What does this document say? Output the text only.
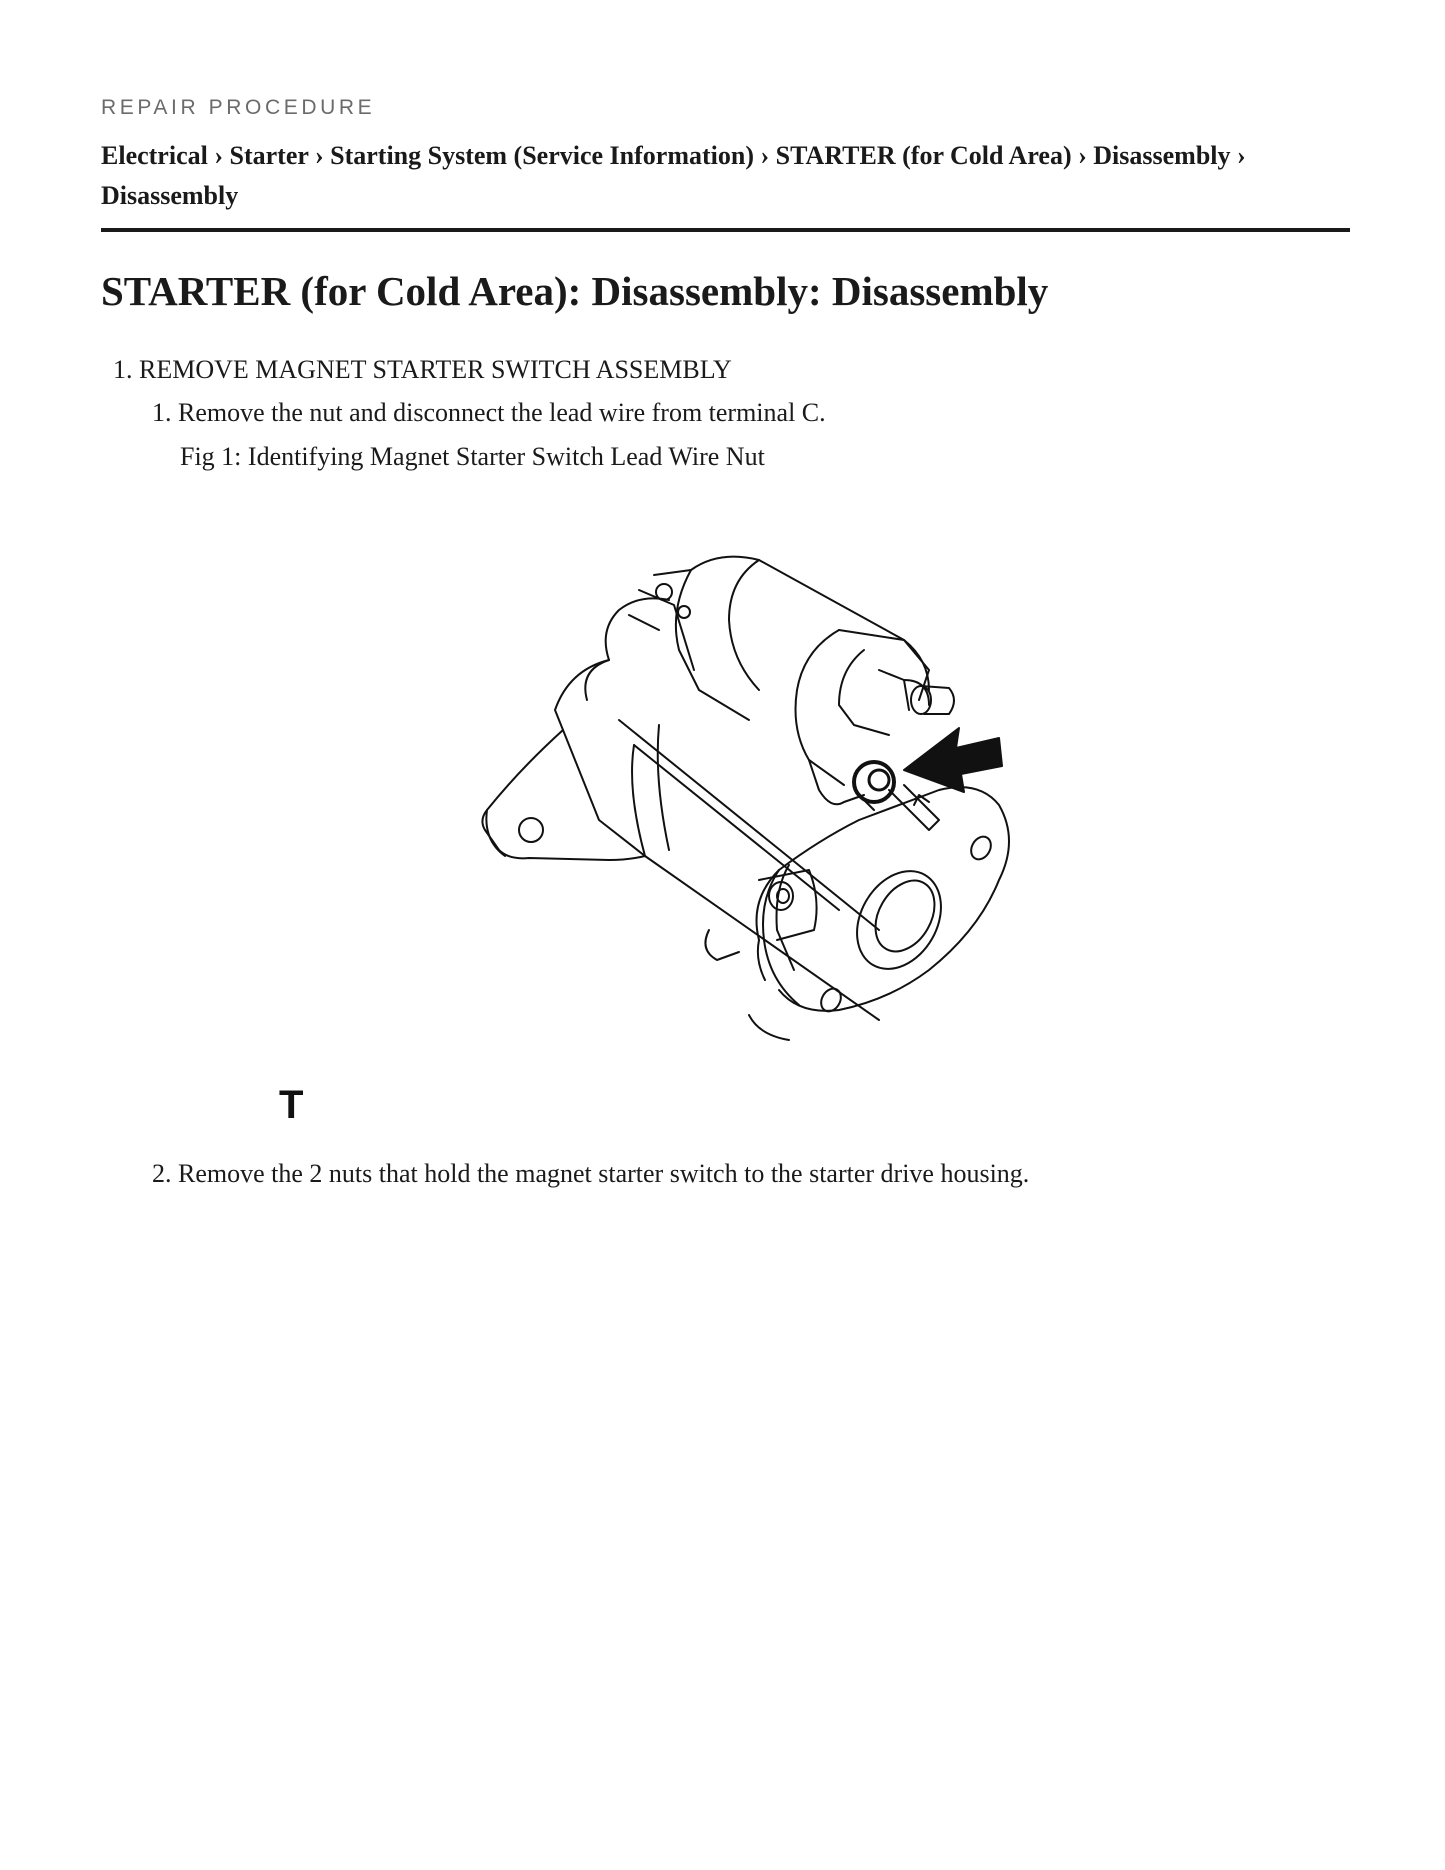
REPAIR PROCEDURE
Electrical › Starter › Starting System (Service Information) › STARTER (for Cold Area) › Disassembly ›
Disassembly
STARTER (for Cold Area): Disassembly: Disassembly
1. REMOVE MAGNET STARTER SWITCH ASSEMBLY
1. Remove the nut and disconnect the lead wire from terminal C.
Fig 1: Identifying Magnet Starter Switch Lead Wire Nut
T
2. Remove the 2 nuts that hold the magnet starter switch to the starter drive housing.
